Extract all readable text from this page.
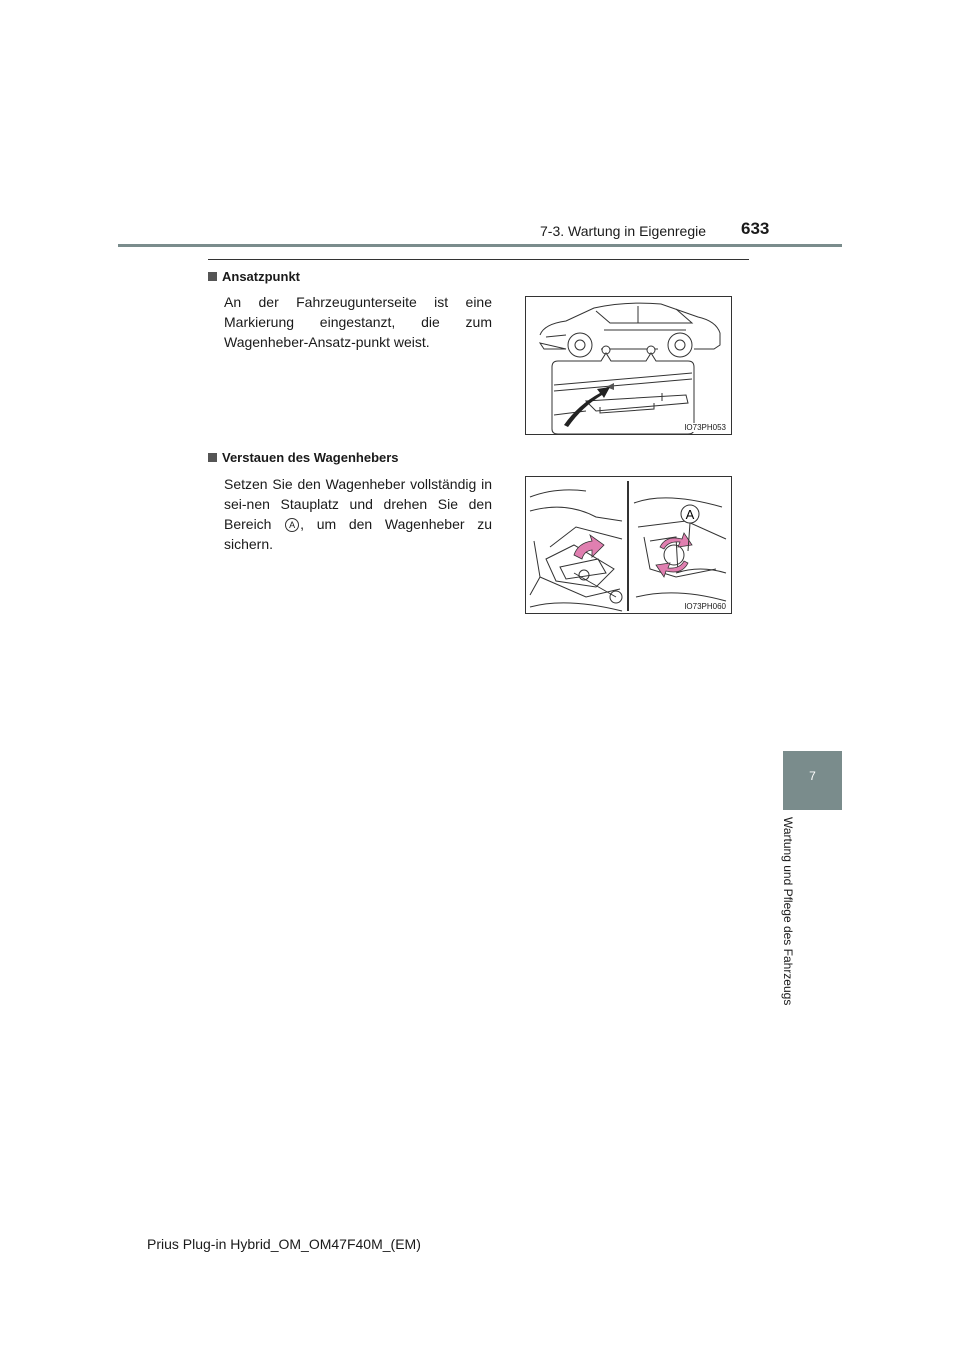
7-3. Wartung in Eigenregie 633
Ansatzpunkt
An der Fahrzeugunterseite ist eine Markierung eingestanzt, die zum Wagenheber-Ansatz-punkt weist.
IO73PH053
Verstauen des Wagenhebers
Setzen Sie den Wagenheber vollständig in sei-nen Stauplatz und drehen Sie den Bereich A , um den Wagenheber zu sichern.
A
IO73PH060
7
Wartung und Pflege des Fahrzeugs
Prius Plug-in Hybrid_OM_OM47F40M_(EM)
